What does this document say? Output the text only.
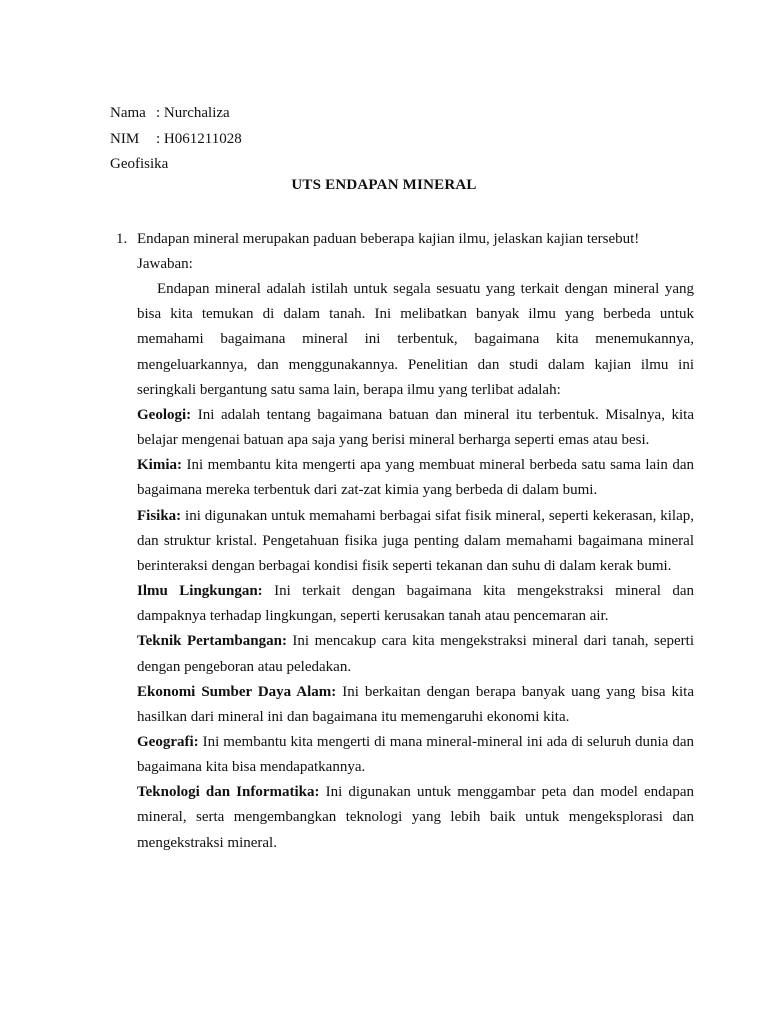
Nama : Nurchaliza
NIM : H061211028
Geofisika
UTS ENDAPAN MINERAL
1. Endapan mineral merupakan paduan beberapa kajian ilmu, jelaskan kajian tersebut!

Jawaban:

Endapan mineral adalah istilah untuk segala sesuatu yang terkait dengan mineral yang bisa kita temukan di dalam tanah. Ini melibatkan banyak ilmu yang berbeda untuk memahami bagaimana mineral ini terbentuk, bagaimana kita menemukannya, mengeluarkannya, dan menggunakannya. Penelitian dan studi dalam kajian ilmu ini seringkali bergantung satu sama lain, berapa ilmu yang terlibat adalah:

Geologi: Ini adalah tentang bagaimana batuan dan mineral itu terbentuk. Misalnya, kita belajar mengenai batuan apa saja yang berisi mineral berharga seperti emas atau besi.

Kimia: Ini membantu kita mengerti apa yang membuat mineral berbeda satu sama lain dan bagaimana mereka terbentuk dari zat-zat kimia yang berbeda di dalam bumi.

Fisika: ini digunakan untuk memahami berbagai sifat fisik mineral, seperti kekerasan, kilap, dan struktur kristal. Pengetahuan fisika juga penting dalam memahami bagaimana mineral berinteraksi dengan berbagai kondisi fisik seperti tekanan dan suhu di dalam kerak bumi.

Ilmu Lingkungan: Ini terkait dengan bagaimana kita mengekstraksi mineral dan dampaknya terhadap lingkungan, seperti kerusakan tanah atau pencemaran air.

Teknik Pertambangan: Ini mencakup cara kita mengekstraksi mineral dari tanah, seperti dengan pengeboran atau peledakan.

Ekonomi Sumber Daya Alam: Ini berkaitan dengan berapa banyak uang yang bisa kita hasilkan dari mineral ini dan bagaimana itu memengaruhi ekonomi kita.

Geografi: Ini membantu kita mengerti di mana mineral-mineral ini ada di seluruh dunia dan bagaimana kita bisa mendapatkannya.

Teknologi dan Informatika: Ini digunakan untuk menggambar peta dan model endapan mineral, serta mengembangkan teknologi yang lebih baik untuk mengeksplorasi dan mengekstraksi mineral.
